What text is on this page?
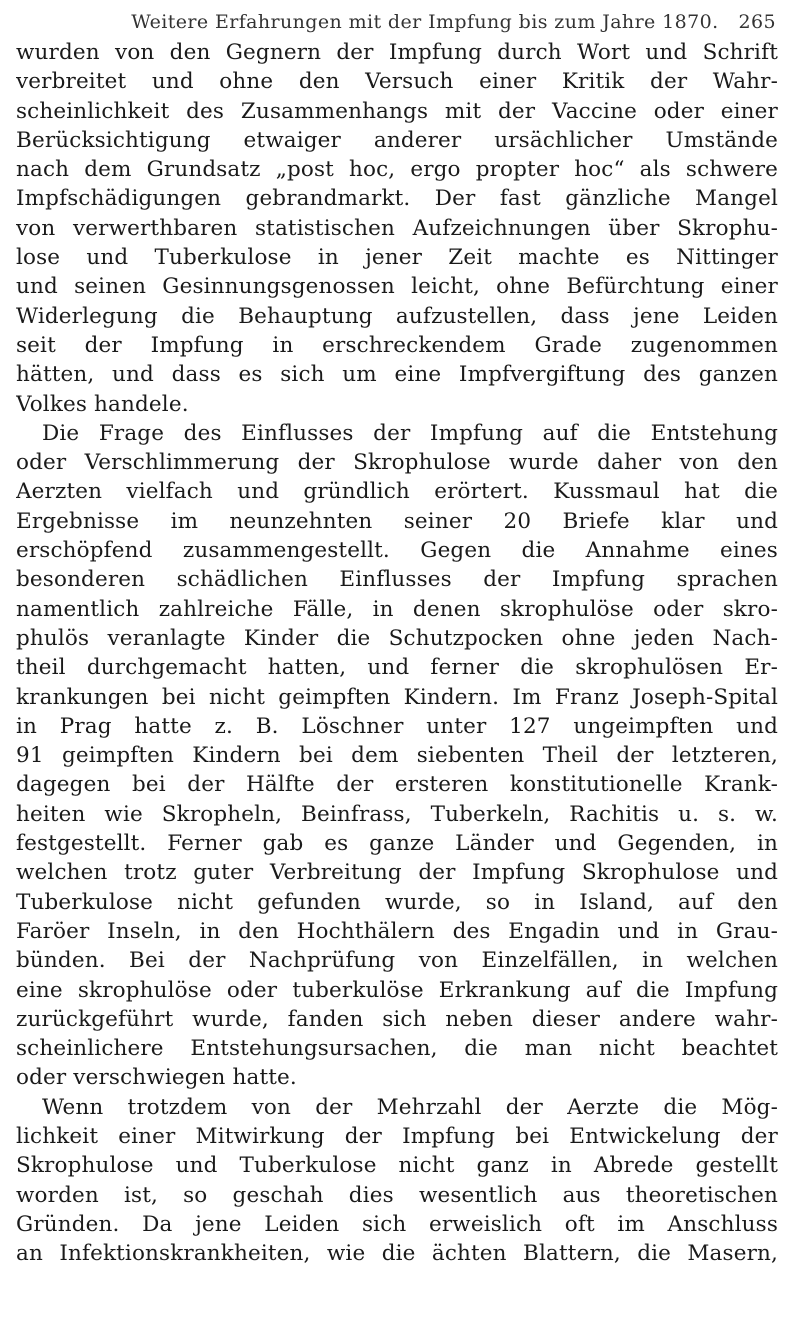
Weitere Erfahrungen mit der Impfung bis zum Jahre 1870. 265
wurden von den Gegnern der Impfung durch Wort und Schrift
verbreitet und ohne den Versuch einer Kritik der Wahr-
scheinlichkeit des Zusammenhangs mit der Vaccine oder einer
Berücksichtigung etwaiger anderer ursächlicher Umstände
nach dem Grundsatz „post hoc, ergo propter hoc“ als schwere
Impfschädigungen gebrandmarkt. Der fast gänzliche Mangel
von verwerthbaren statistischen Aufzeichnungen über Skrophu-
lose und Tuberkulose in jener Zeit machte es Nittinger
und seinen Gesinnungsgenossen leicht, ohne Befürchtung einer
Widerlegung die Behauptung aufzustellen, dass jene Leiden
seit der Impfung in erschreckendem Grade zugenommen
hätten, und dass es sich um eine Impfvergiftung des ganzen
Volkes handele.
Die Frage des Einflusses der Impfung auf die Entstehung
oder Verschlimmerung der Skrophulose wurde daher von den
Aerzten vielfach und gründlich erörtert. Kussmaul hat die
Ergebnisse im neunzehnten seiner 20 Briefe klar und
erschöpfend zusammengestellt. Gegen die Annahme eines
besonderen schädlichen Einflusses der Impfung sprachen
namentlich zahlreiche Fälle, in denen skrophulöse oder skro-
phulös veranlagte Kinder die Schutzpocken ohne jeden Nach-
theil durchgemacht hatten, und ferner die skrophulösen Er-
krankungen bei nicht geimpften Kindern. Im Franz Joseph-Spital
in Prag hatte z. B. Löschner unter 127 ungeimpften und
91 geimpften Kindern bei dem siebenten Theil der letzteren,
dagegen bei der Hälfte der ersteren konstitutionelle Krank-
heiten wie Skropheln, Beinfrass, Tuberkeln, Rachitis u. s. w.
festgestellt. Ferner gab es ganze Länder und Gegenden, in
welchen trotz guter Verbreitung der Impfung Skrophulose und
Tuberkulose nicht gefunden wurde, so in Island, auf den
Faröer Inseln, in den Hochthälern des Engadin und in Grau-
bünden. Bei der Nachprüfung von Einzelfällen, in welchen
eine skrophulöse oder tuberkulöse Erkrankung auf die Impfung
zurückgeführt wurde, fanden sich neben dieser andere wahr-
scheinlichere Entstehungsursachen, die man nicht beachtet
oder verschwiegen hatte.
Wenn trotzdem von der Mehrzahl der Aerzte die Mög-
lichkeit einer Mitwirkung der Impfung bei Entwickelung der
Skrophulose und Tuberkulose nicht ganz in Abrede gestellt
worden ist, so geschah dies wesentlich aus theoretischen
Gründen. Da jene Leiden sich erweislich oft im Anschluss
an Infektionskrankheiten, wie die ächten Blattern, die Masern,
